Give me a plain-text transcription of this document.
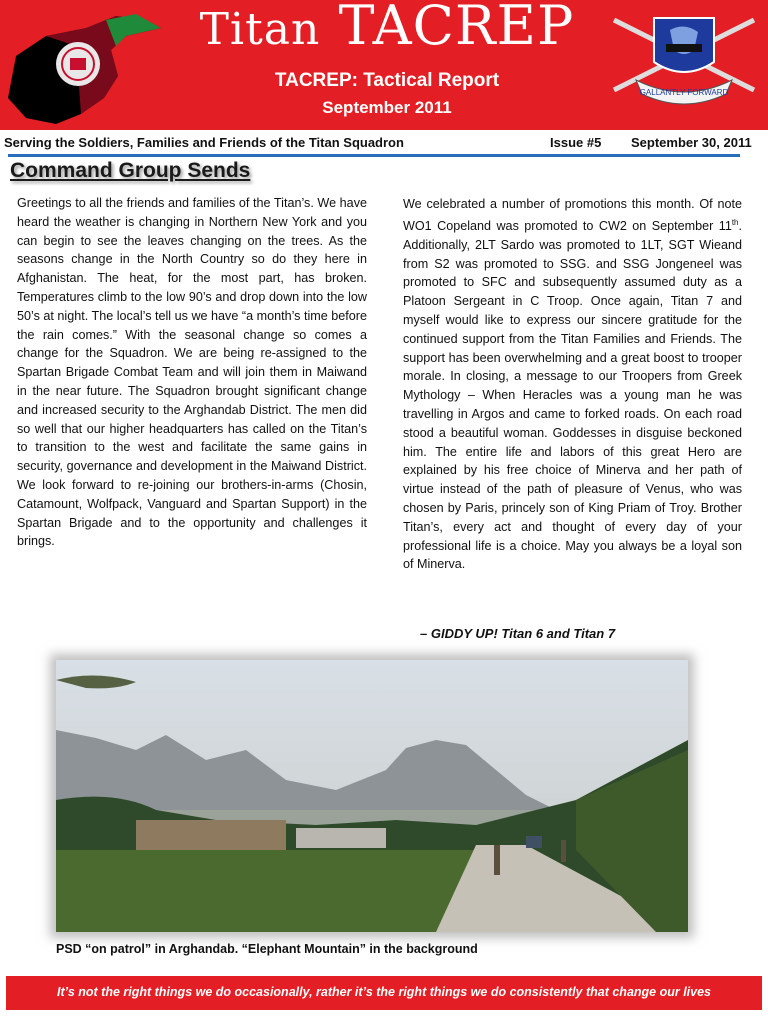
Titan TACREP
TACREP: Tactical Report
September 2011
GALLANTLY FORWARD
Serving the Soldiers, Families and Friends of the Titan Squadron	Issue #5 September 30, 2011
Command Group Sends
Greetings to all the friends and families of the Titan’s. We have heard the weather is changing in Northern New York and you can begin to see the leaves changing on the trees. As the seasons change in the North Country so do they here in Afghanistan. The heat, for the most part, has broken. Temperatures climb to the low 90’s and drop down into the low 50’s at night. The local’s tell us we have “a month’s time before the rain comes.” With the seasonal change so comes a change for the Squadron. We are being re-assigned to the Spartan Brigade Combat Team and will join them in Maiwand in the near future. The Squadron brought significant change and increased security to the Arghandab District. The men did so well that our higher headquarters has called on the Titan’s to transition to the west and facilitate the same gains in security, governance and development in the Maiwand District. We look forward to re-joining our brothers-in-arms (Chosin, Catamount, Wolfpack, Vanguard and Spartan Support) in the Spartan Brigade and to the opportunity and challenges it brings.
We celebrated a number of promotions this month. Of note WO1 Copeland was promoted to CW2 on September 11th. Additionally, 2LT Sardo was promoted to 1LT, SGT Wieand from S2 was promoted to SSG. and SSG Jongeneel was promoted to SFC and subsequently assumed duty as a Platoon Sergeant in C Troop. Once again, Titan 7 and myself would like to express our sincere gratitude for the continued support from the Titan Families and Friends. The support has been overwhelming and a great boost to trooper morale. In closing, a message to our Troopers from Greek Mythology – When Heracles was a young man he was travelling in Argos and came to forked roads. On each road stood a beautiful woman. Goddesses in disguise beckoned him. The entire life and labors of this great Hero are explained by his free choice of Minerva and her path of virtue instead of the path of pleasure of Venus, who was chosen by Paris, princely son of King Priam of Troy. Brother Titan’s, every act and thought of every day of your professional life is a choice. May you always be a loyal son of Minerva.
– GIDDY UP! Titan 6 and Titan 7
PSD “on patrol” in Arghandab. “Elephant Mountain” in the background
It’s not the right things we do occasionally, rather it’s the right things we do consistently that change our lives
